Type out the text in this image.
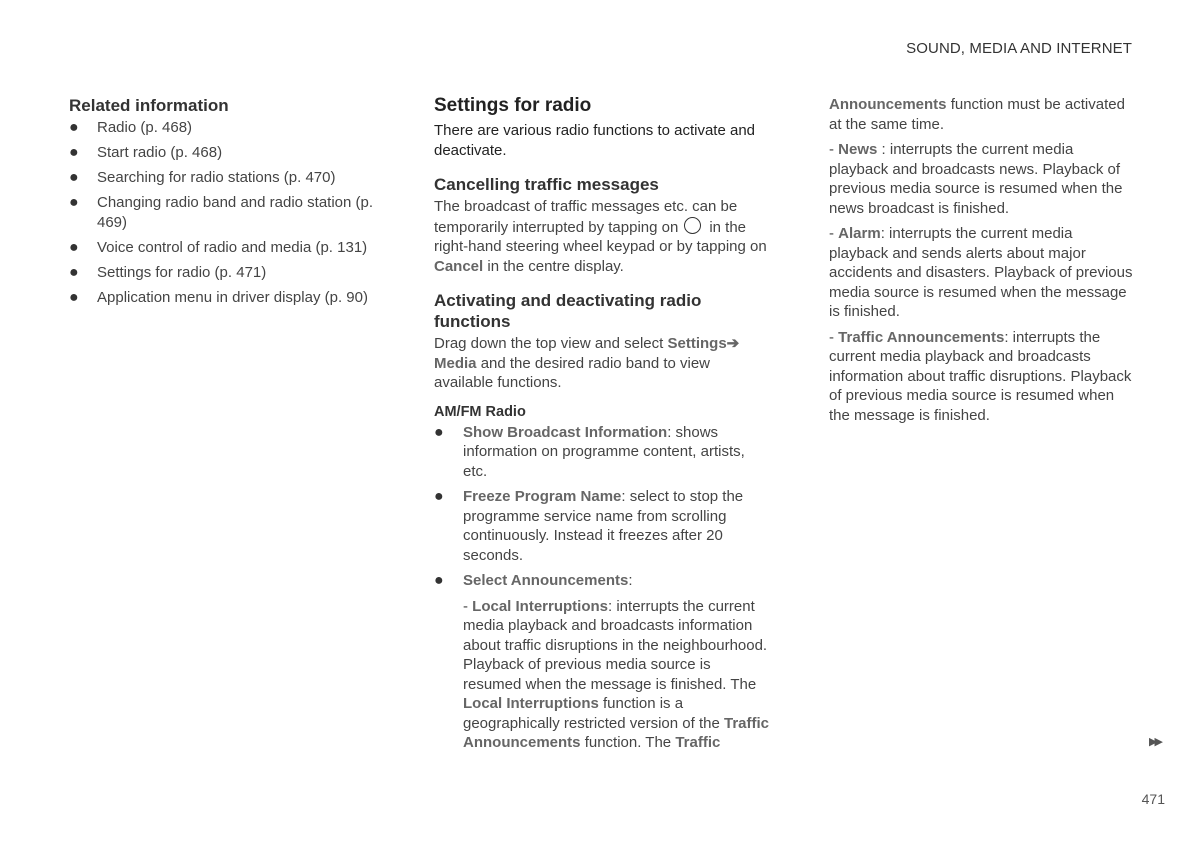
SOUND, MEDIA AND INTERNET
Related information
● Radio (p. 468)
● Start radio (p. 468)
● Searching for radio stations (p. 470)
● Changing radio band and radio station (p. 469)
● Voice control of radio and media (p. 131)
● Settings for radio (p. 471)
● Application menu in driver display (p. 90)
Settings for radio

There are various radio functions to activate and deactivate.

Cancelling traffic messages

The broadcast of traffic messages etc. can be temporarily interrupted by tapping on in the right-hand steering wheel keypad or by tapping on Cancel in the centre display.

Activating and deactivating radio functions

Drag down the top view and select Settings➔ Media and the desired radio band to view available functions.

AM/FM Radio
● Show Broadcast Information: shows information on programme content, artists, etc.
● Freeze Program Name: select to stop the programme service name from scrolling continuously. Instead it freezes after 20 seconds.
● Select Announcements:
- Local Interruptions: interrupts the current media playback and broadcasts information about traffic disruptions in the neighbourhood. Playback of previous media source is resumed when the message is finished. The Local Interruptions function is a geographically restricted version of the Traffic Announcements function. The Traffic

Announcements function must be activated at the same time.

- News : interrupts the current media playback and broadcasts news. Playback of previous media source is resumed when the news broadcast is finished.

- Alarm: interrupts the current media playback and sends alerts about major accidents and disasters. Playback of previous media source is resumed when the message is finished.

- Traffic Announcements: interrupts the current media playback and broadcasts information about traffic disruptions. Playback of previous media source is resumed when the message is finished.

▶▶
471
